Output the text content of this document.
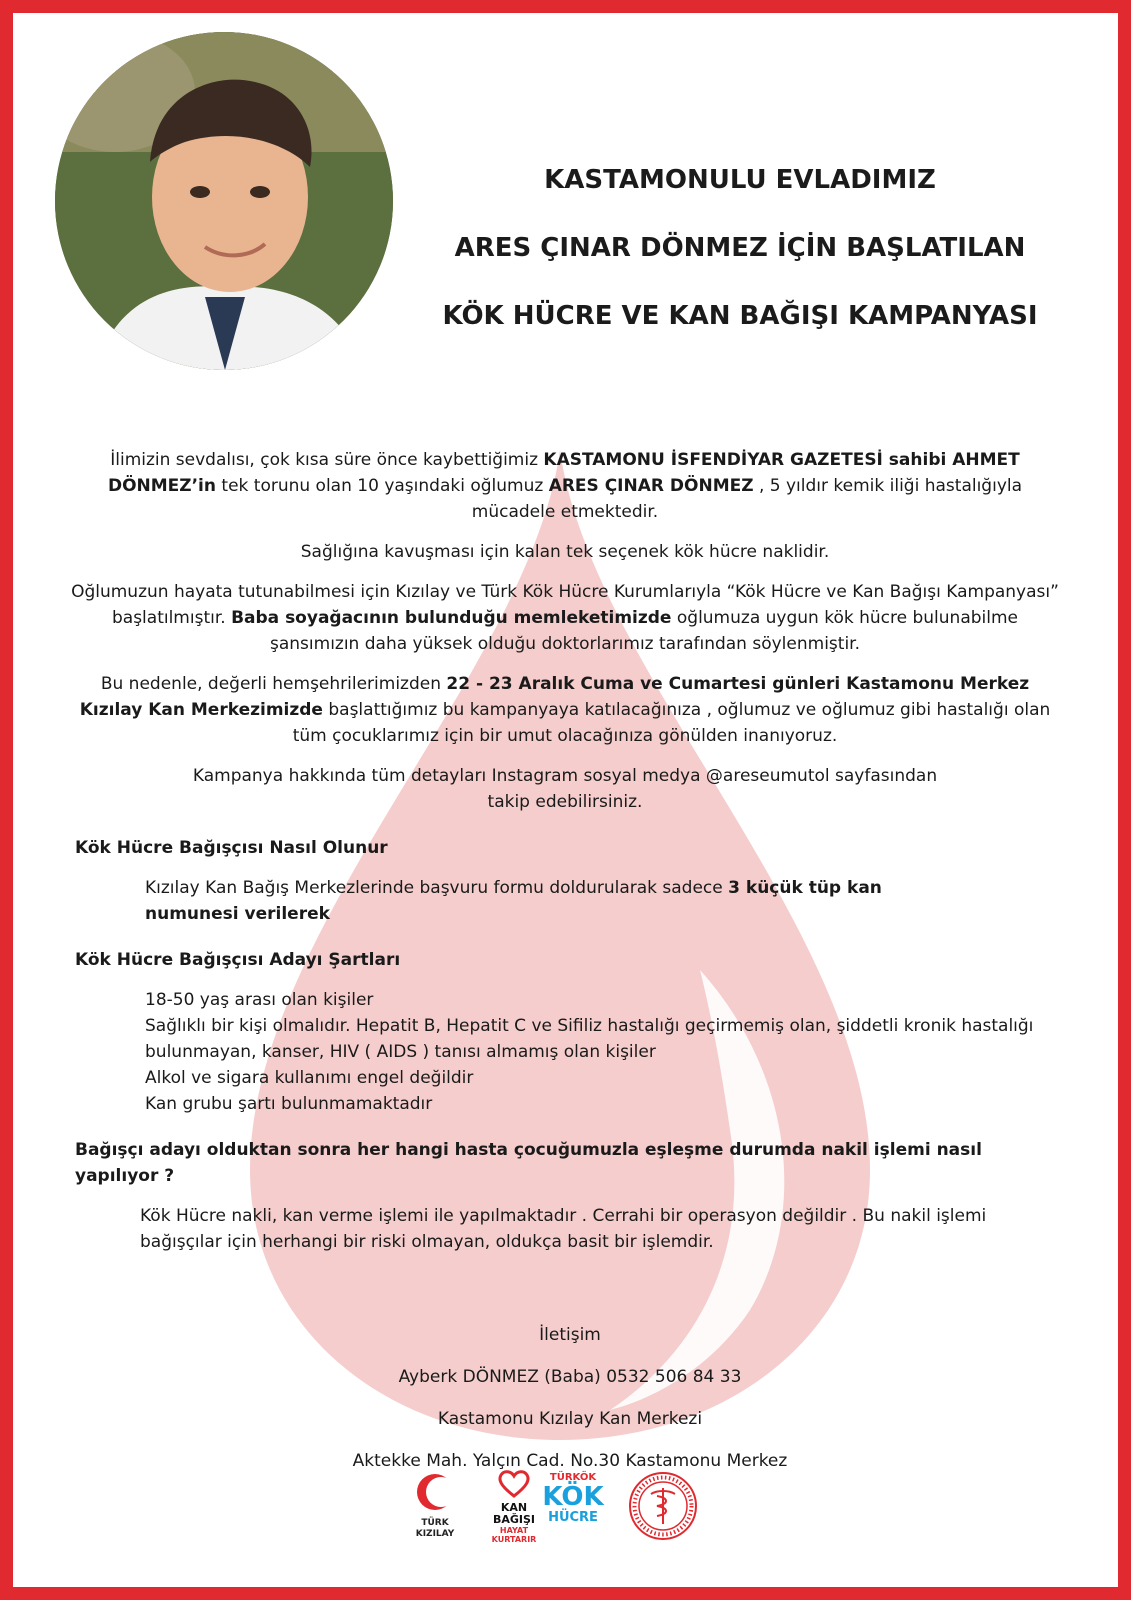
KASTAMONULU EVLADIMIZ
ARES ÇINAR DÖNMEZ İÇİN BAŞLATILAN
KÖK HÜCRE VE KAN BAĞIŞI KAMPANYASI

İlimizin sevdalısı, çok kısa süre önce kaybettiğimiz KASTAMONU İSFENDİYAR GAZETESİ sahibi AHMET DÖNMEZ’in tek torunu olan 10 yaşındaki oğlumuz ARES ÇINAR DÖNMEZ , 5 yıldır kemik iliği hastalığıyla mücadele etmektedir.

Sağlığına kavuşması için kalan tek seçenek kök hücre naklidir.

Oğlumuzun hayata tutunabilmesi için Kızılay ve Türk Kök Hücre Kurumlarıyla “Kök Hücre ve Kan Bağışı Kampanyası” başlatılmıştır. Baba soyağacının bulunduğu memleketimizde oğlumuza uygun kök hücre bulunabilme şansımızın daha yüksek olduğu doktorlarımız tarafından söylenmiştir.

Bu nedenle, değerli hemşehrilerimizden 22 - 23 Aralık Cuma ve Cumartesi günleri Kastamonu Merkez Kızılay Kan Merkezimizde başlattığımız bu kampanyaya katılacağınıza , oğlumuz ve oğlumuz gibi hastalığı olan tüm çocuklarımız için bir umut olacağınıza gönülden inanıyoruz.

Kampanya hakkında tüm detayları Instagram sosyal medya @areseumutol sayfasından takip edebilirsiniz.

Kök Hücre Bağışçısı Nasıl Olunur
Kızılay Kan Bağış Merkezlerinde başvuru formu doldurularak sadece 3 küçük tüp kan numunesi verilerek
Kök Hücre Bağışçısı Adayı Şartları
18-50 yaş arası olan kişiler
Sağlıklı bir kişi olmalıdır. Hepatit B, Hepatit C ve Sifiliz hastalığı geçirmemiş olan, şiddetli kronik hastalığı bulunmayan, kanser, HIV ( AIDS ) tanısı almamış olan kişiler
Alkol ve sigara kullanımı engel değildir
Kan grubu şartı bulunmamaktadır
Bağışçı adayı olduktan sonra her hangi hasta çocuğumuzla eşleşme durumda nakil işlemi nasıl yapılıyor ?
Kök Hücre nakli, kan verme işlemi ile yapılmaktadır . Cerrahi bir operasyon değildir . Bu nakil işlemi bağışçılar için herhangi bir riski olmayan, oldukça basit bir işlemdir.
İletişim
Ayberk DÖNMEZ (Baba) 0532 506 84 33
Kastamonu Kızılay Kan Merkezi
Aktekke Mah. Yalçın Cad. No.30 Kastamonu Merkez
TÜRK
KIZILAY
KAN
BAĞIŞI
HAYAT
KURTARIR
TÜRKÖK
KÖK
HÜCRE
